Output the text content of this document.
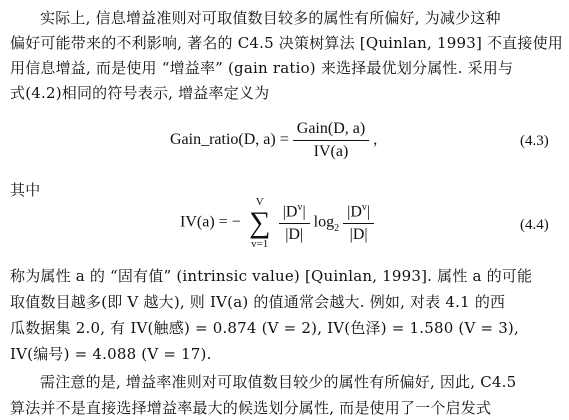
实际上, 信息增益准则对可取值数目较多的属性有所偏好, 为减少这种
偏好可能带来的不利影响, 著名的 C4.5 决策树算法 [Quinlan, 1993] 不直接使用
用信息增益, 而是使用 “增益率” (gain ratio) 来选择最优划分属性. 采用与
式(4.2)相同的符号表示, 增益率定义为
Gain_ratio(D, $a) = \frac{\text{Gain(D, a)}}{IV(a)}$ ,	(4.3)
其中
IV(a) = −
V
∑
v=1
$\frac{|D^v|}{|D|} \log_2 \frac{|D^v|}{|D|}$	(4.4)
称为属性 a 的 “固有值” (intrinsic value) [Quinlan, 1993]. 属性 a 的可能
取值数目越多(即 V 越大), 则 IV(a) 的值通常会越大. 例如, 对表 4.1 的西
瓜数据集 2.0, 有 IV(触感) = 0.874 (V = 2), IV(色泽) = 1.580 (V = 3),
IV(编号) = 4.088 (V = 17).
需注意的是, 增益率准则对可取值数目较少的属性有所偏好, 因此, C4.5
算法并不是直接选择增益率最大的候选划分属性, 而是使用了一个启发式
